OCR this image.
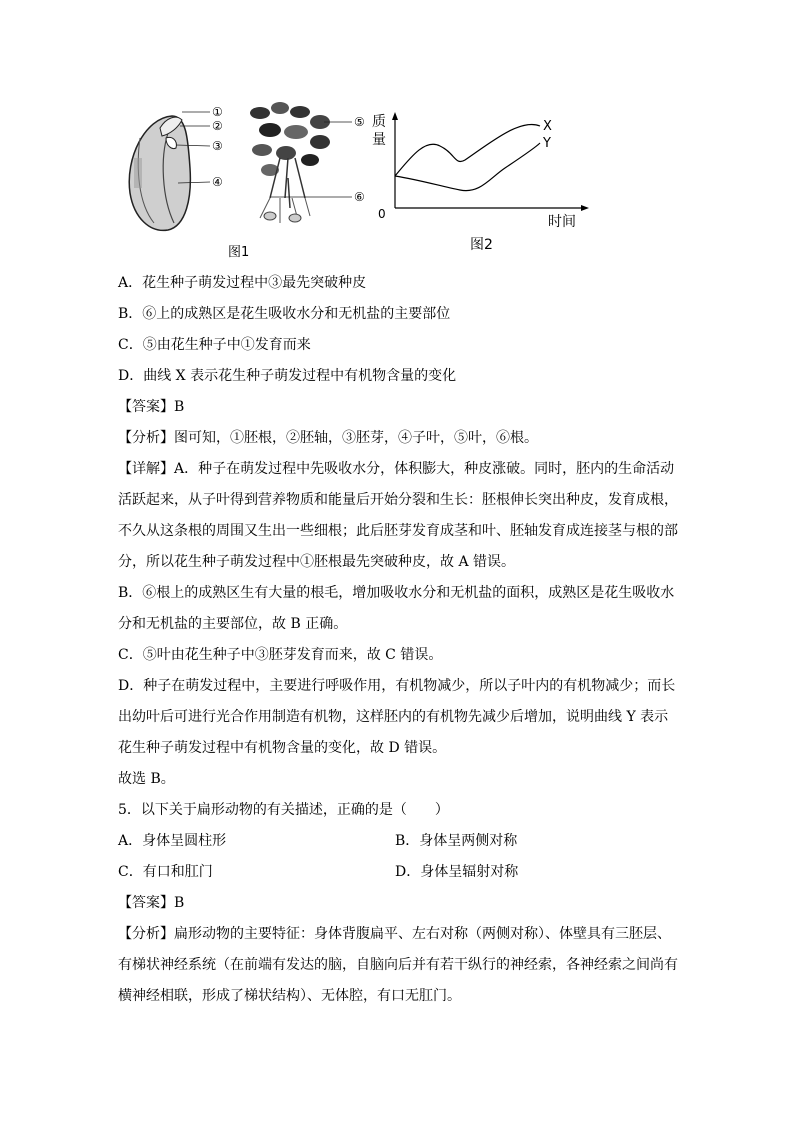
①
②
③
④
⑤
⑥
质
量
0	时间
X
Y
图1	图2
A．花生种子萌发过程中③最先突破种皮
B．⑥上的成熟区是花生吸收水分和无机盐的主要部位
C．⑤由花生种子中①发育而来
D．曲线 X 表示花生种子萌发过程中有机物含量的变化
【答案】B
【分析】图可知，①胚根，②胚轴，③胚芽，④子叶，⑤叶，⑥根。
【详解】A．种子在萌发过程中先吸收水分，体积膨大，种皮涨破。同时，胚内的生命活动活跃起来，从子叶得到营养物质和能量后开始分裂和生长：胚根伸长突出种皮，发育成根，不久从这条根的周围又生出一些细根；此后胚芽发育成茎和叶、胚轴发育成连接茎与根的部分，所以花生种子萌发过程中①胚根最先突破种皮，故 A 错误。
B．⑥根上的成熟区生有大量的根毛，增加吸收水分和无机盐的面积，成熟区是花生吸收水分和无机盐的主要部位，故 B 正确。
C．⑤叶由花生种子中③胚芽发育而来，故 C 错误。
D．种子在萌发过程中，主要进行呼吸作用，有机物减少，所以子叶内的有机物减少；而长出幼叶后可进行光合作用制造有机物，这样胚内的有机物先减少后增加，说明曲线 Y 表示花生种子萌发过程中有机物含量的变化，故 D 错误。
故选 B。
5．以下关于扁形动物的有关描述，正确的是（　　）
A．身体呈圆柱形	B．身体呈两侧对称
C．有口和肛门	D．身体呈辐射对称
【答案】B
【分析】扁形动物的主要特征：身体背腹扁平、左右对称（两侧对称）、体壁具有三胚层、有梯状神经系统（在前端有发达的脑，自脑向后并有若干纵行的神经索，各神经索之间尚有横神经相联，形成了梯状结构）、无体腔，有口无肛门。
